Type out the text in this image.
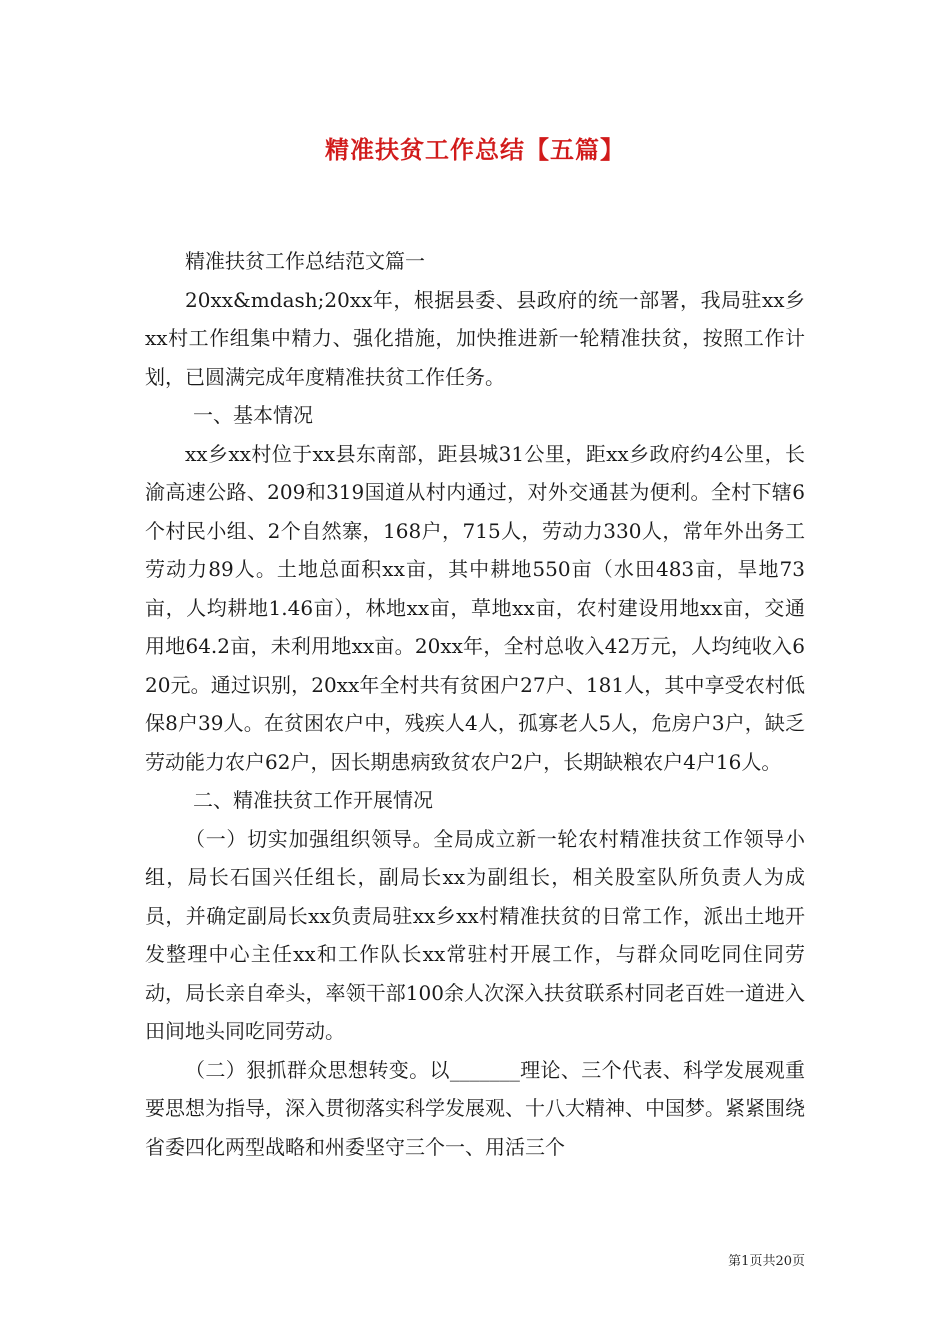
精准扶贫工作总结【五篇】

精准扶贫工作总结范文篇一

20xx&mdash;20xx年，根据县委、县政府的统一部署，我局驻xx乡xx村工作组集中精力、强化措施，加快推进新一轮精准扶贫，按照工作计划，已圆满完成年度精准扶贫工作任务。

一、基本情况

xx乡xx村位于xx县东南部，距县城31公里，距xx乡政府约4公里，长渝高速公路、209和319国道从村内通过，对外交通甚为便利。全村下辖6个村民小组、2个自然寨，168户，715人，劳动力330人，常年外出务工劳动力89人。土地总面积xx亩，其中耕地550亩（水田483亩，旱地73亩，人均耕地1.46亩），林地xx亩，草地xx亩，农村建设用地xx亩，交通用地64.2亩，未利用地xx亩。20xx年，全村总收入42万元，人均纯收入620元。通过识别，20xx年全村共有贫困户27户、181人，其中享受农村低保8户39人。在贫困农户中，残疾人4人，孤寡老人5人，危房户3户，缺乏劳动能力农户62户，因长期患病致贫农户2户，长期缺粮农户4户16人。

二、精准扶贫工作开展情况

（一）切实加强组织领导。全局成立新一轮农村精准扶贫工作领导小组，局长石国兴任组长，副局长xx为副组长，相关股室队所负责人为成员，并确定副局长xx负责局驻xx乡xx村精准扶贫的日常工作，派出土地开发整理中心主任xx和工作队长xx常驻村开展工作，与群众同吃同住同劳动，局长亲自牵头，率领干部100余人次深入扶贫联系村同老百姓一道进入田间地头同吃同劳动。

（二）狠抓群众思想转变。以_______理论、三个代表、科学发展观重要思想为指导，深入贯彻落实科学发展观、十八大精神、中国梦。紧紧围绕省委四化两型战略和州委坚守三个一、用活三个

第1页共20页
